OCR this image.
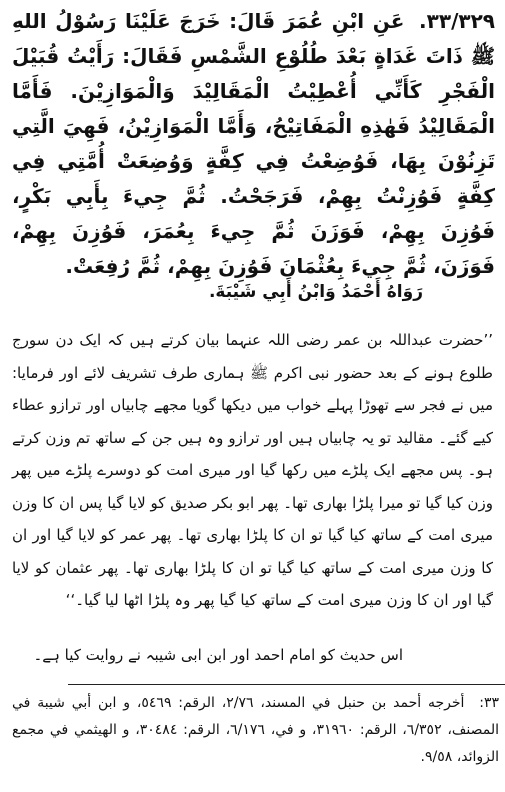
٣٣/٣٢٩. عَنِ ابْنِ عُمَرَ قَالَ: خَرَجَ عَلَيْنَا رَسُوْلُ اللهِ ﷺ ذَاتَ غَدَاةٍ بَعْدَ طُلُوْعِ الشَّمْسِ فَقَالَ: رَأَيْتُ قُبَيْلَ الْفَجْرِ كَأَنِّي أُعْطِيْتُ الْمَقَالِيْدَ وَالْمَوَازِيْنَ. فَأَمَّا الْمَقَالِيْدُ فَهٰذِهِ الْمَفَاتِيْحُ، وَأَمَّا الْمَوَازِيْنُ، فَهِيَ الَّتِي تَزِنُوْنَ بِهَا، فَوُضِعْتُ فِي كِفَّةٍ وَوُضِعَتْ أُمَّتِي فِي كِفَّةٍ فَوُزِنْتُ بِهِمْ، فَرَجَحْتُ. ثُمَّ جِيءَ بِأَبِي بَكْرٍ، فَوُزِنَ بِهِمْ، فَوَزَنَ ثُمَّ جِيءَ بِعُمَرَ، فَوُزِنَ بِهِمْ، فَوَزَنَ، ثُمَّ جِيءَ بِعُثْمَانَ فَوُزِنَ بِهِمْ، ثُمَّ رُفِعَتْ.
رَوَاهُ أَحْمَدُ وَابْنُ أَبِي شَيْبَةَ.
’’حضرت عبداللہ بن عمر رضی اللہ عنہما بیان کرتے ہیں کہ ایک دن سورج طلوع ہونے کے بعد حضور نبی اکرم ﷺ ہماری طرف تشریف لائے اور فرمایا: میں نے فجر سے تھوڑا پہلے خواب میں دیکھا گویا مجھے چابیاں اور ترازو عطاء کیے گئے۔ مقالید تو یہ چابیاں ہیں اور ترازو وہ ہیں جن کے ساتھ تم وزن کرتے ہو۔ پس مجھے ایک پلڑے میں رکھا گیا اور میری امت کو دوسرے پلڑے میں پھر وزن کیا گیا تو میرا پلڑا بھاری تھا۔ پھر ابو بکر صدیق کو لایا گیا پس ان کا وزن میری امت کے ساتھ کیا گیا تو ان کا پلڑا بھاری تھا۔ پھر عمر کو لایا گیا اور ان کا وزن میری امت کے ساتھ کیا گیا تو ان کا پلڑا بھاری تھا۔ پھر عثمان کو لایا گیا اور ان کا وزن میری امت کے ساتھ کیا گیا پھر وہ پلڑا اٹھا لیا گیا۔‘‘
اس حدیث کو امام احمد اور ابن ابی شیبہ نے روایت کیا ہے۔
٣٣: أخرجه أحمد بن حنبل في المسند، ٢/٧٦، الرقم: ٥٤٦٩، و ابن أبي شيبة في المصنف، ٦/٣٥٢، الرقم: ٣١٩٦٠، و في، ٦/١٧٦، الرقم: ٣٠٤٨٤، و الهيثمي في مجمع الزوائد، ٩/٥٨.
